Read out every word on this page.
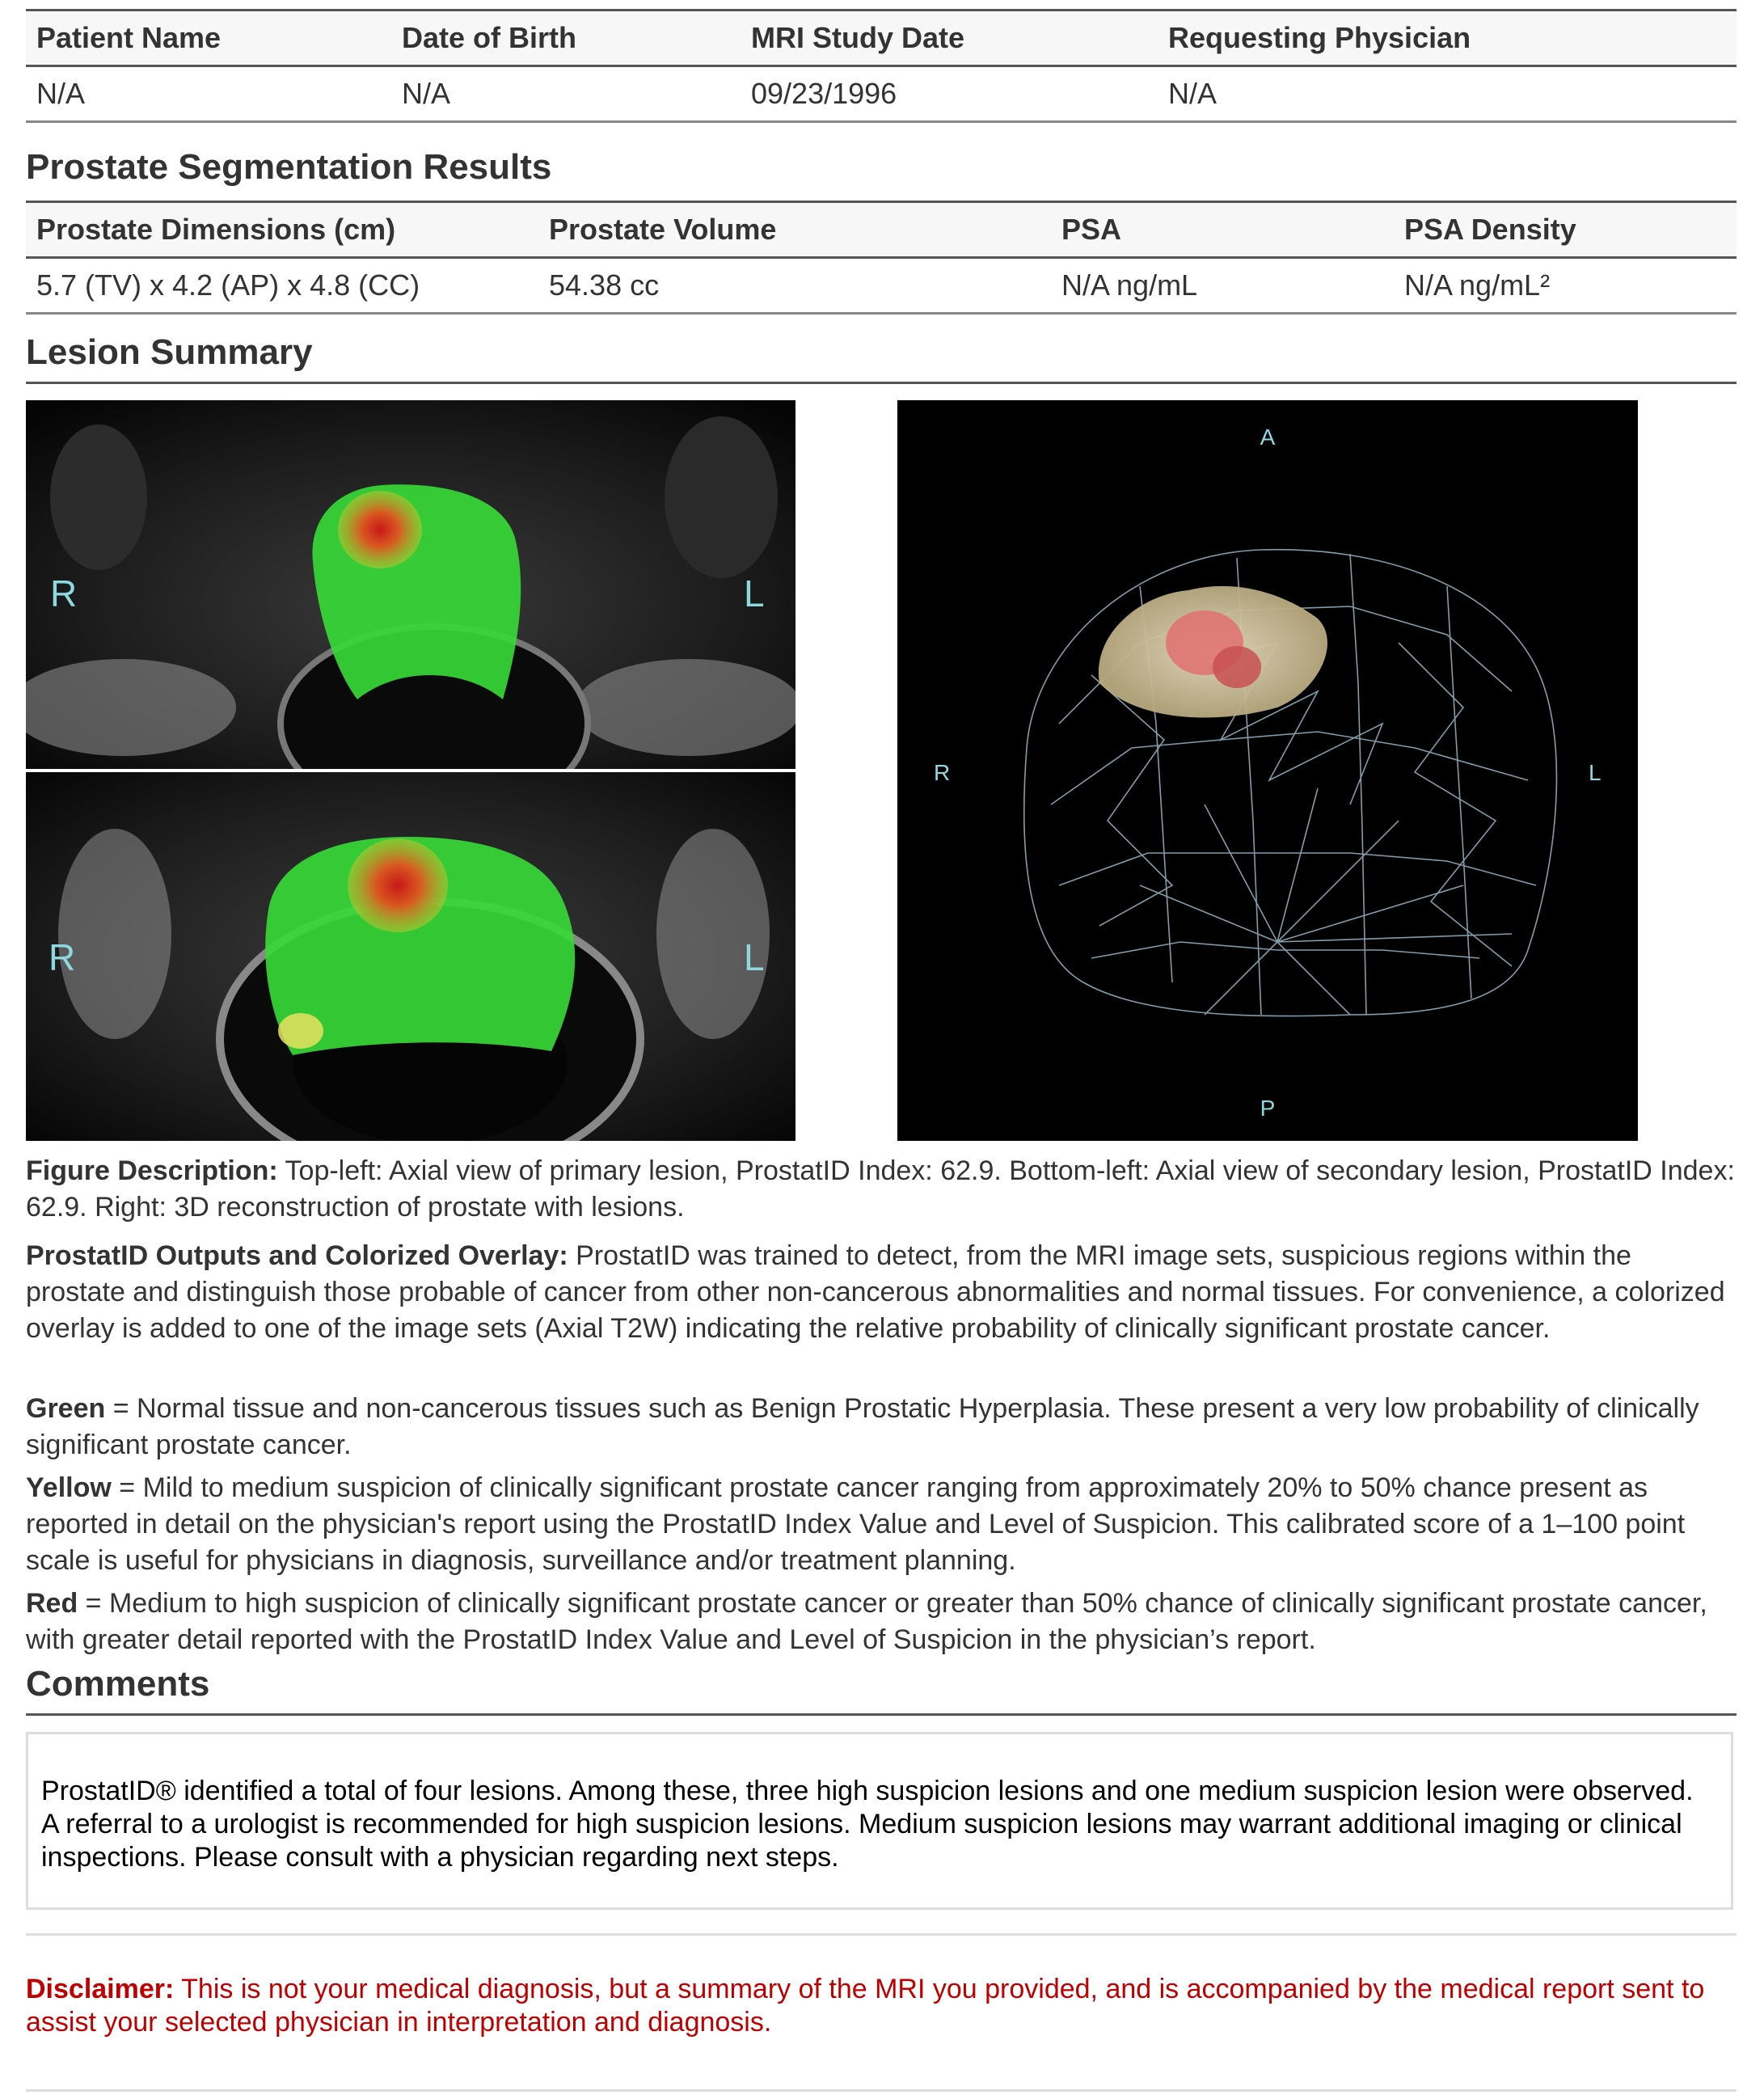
Patient Name	Date of Birth	MRI Study Date	Requesting Physician
N/A	N/A	09/23/1996	N/A
Prostate Segmentation Results
Prostate Dimensions (cm)	Prostate Volume	PSA	PSA Density
5.7 (TV) x 4.2 (AP) x 4.8 (CC)	54.38 cc	N/A ng/mL	N/A ng/mL²
Lesion Summary
R	L
R	L
A
P
R	L
Figure Description: Top-left: Axial view of primary lesion, ProstatID Index: 62.9. Bottom-left: Axial view of secondary lesion, ProstatID Index: 62.9. Right: 3D reconstruction of prostate with lesions.
ProstatID Outputs and Colorized Overlay: ProstatID was trained to detect, from the MRI image sets, suspicious regions within the prostate and distinguish those probable of cancer from other non-cancerous abnormalities and normal tissues. For convenience, a colorized overlay is added to one of the image sets (Axial T2W) indicating the relative probability of clinically significant prostate cancer.
Green = Normal tissue and non-cancerous tissues such as Benign Prostatic Hyperplasia. These present a very low probability of clinically significant prostate cancer.
Yellow = Mild to medium suspicion of clinically significant prostate cancer ranging from approximately 20% to 50% chance present as reported in detail on the physician's report using the ProstatID Index Value and Level of Suspicion. This calibrated score of a 1–100 point scale is useful for physicians in diagnosis, surveillance and/or treatment planning.
Red = Medium to high suspicion of clinically significant prostate cancer or greater than 50% chance of clinically significant prostate cancer, with greater detail reported with the ProstatID Index Value and Level of Suspicion in the physician’s report.
Comments
ProstatID® identified a total of four lesions. Among these, three high suspicion lesions and one medium suspicion lesion were observed. A referral to a urologist is recommended for high suspicion lesions. Medium suspicion lesions may warrant additional imaging or clinical inspections. Please consult with a physician regarding next steps.
Disclaimer: This is not your medical diagnosis, but a summary of the MRI you provided, and is accompanied by the medical report sent to assist your selected physician in interpretation and diagnosis.
